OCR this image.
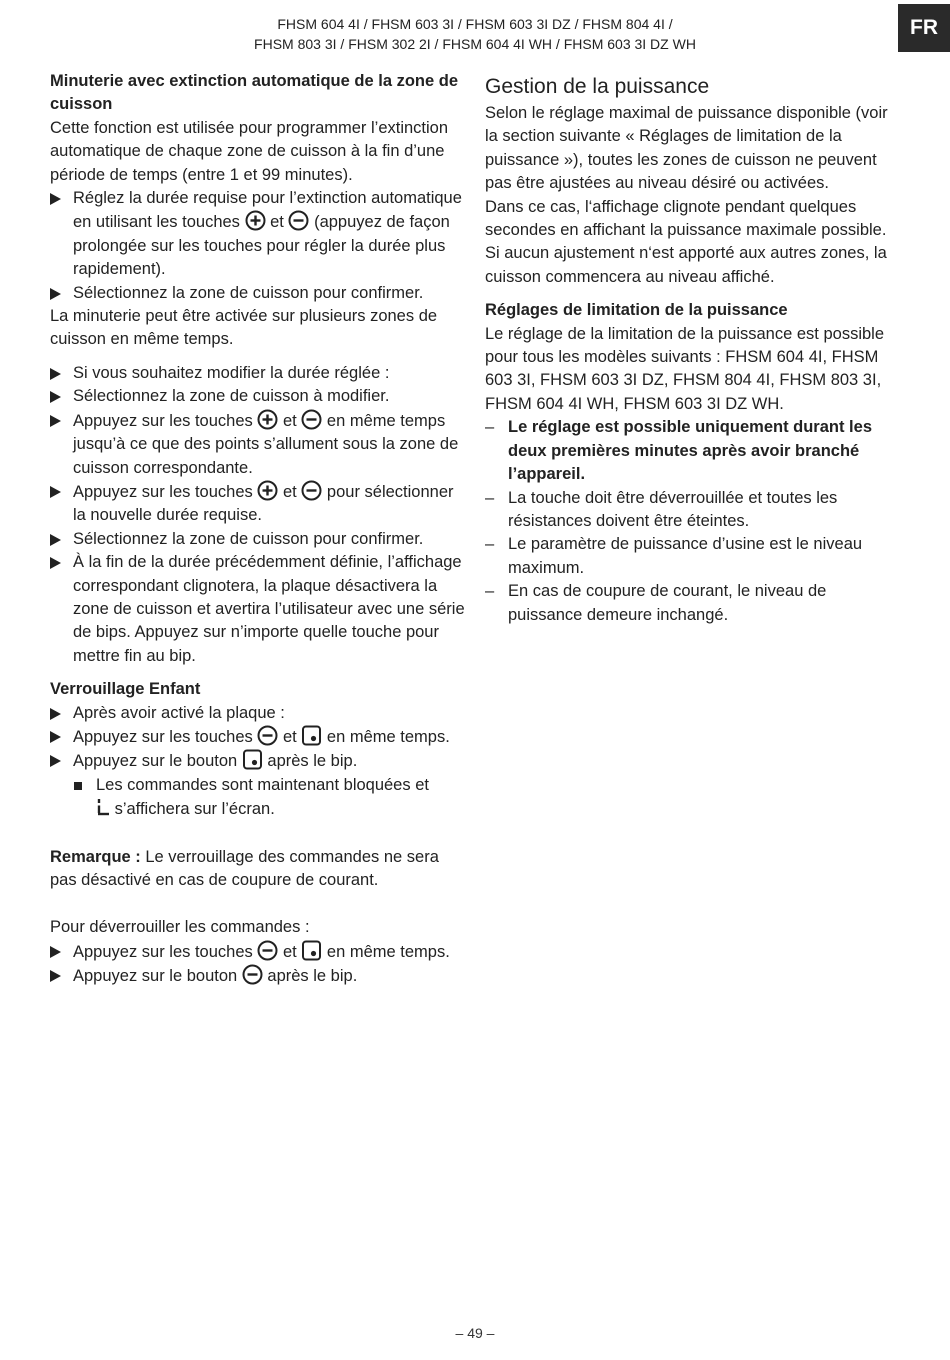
FHSM 604 4I / FHSM 603 3I / FHSM 603 3I DZ / FHSM 804 4I /
FHSM 803 3I / FHSM 302 2I / FHSM 604 4I WH / FHSM 603 3I DZ WH
FR

Minuterie avec extinction automatique de la zone de cuisson

Cette fonction est utilisée pour programmer l’extinction automatique de chaque zone de cuisson à la fin d’une période de temps (entre 1 et 99 minutes).

Réglez la durée requise pour l’extinction automatique en utilisant les touches et (appuyez de façon prolongée sur les touches pour régler la durée plus rapidement).
Sélectionnez la zone de cuisson pour confirmer.

La minuterie peut être activée sur plusieurs zones de cuisson en même temps.

Si vous souhaitez modifier la durée réglée :
Sélectionnez la zone de cuisson à modifier.
Appuyez sur les touches et en même temps jusqu’à ce que des points s’allument sous la zone de cuisson correspondante.
Appuyez sur les touches et pour sélectionner la nouvelle durée requise.
Sélectionnez la zone de cuisson pour confirmer.
À la fin de la durée précédemment définie, l’affichage correspondant clignotera, la plaque désactivera la zone de cuisson et avertira l’utilisateur avec une série de bips. Appuyez sur n’importe quelle touche pour mettre fin au bip.

Verrouillage Enfant

Après avoir activé la plaque :
Appuyez sur les touches et en même temps.
Appuyez sur le bouton après le bip.
Les commandes sont maintenant bloquées et

s’affichera sur l’écran.

Remarque : Le verrouillage des commandes ne sera pas désactivé en cas de coupure de courant.

Pour déverrouiller les commandes :

Appuyez sur les touches et en même temps.
Appuyez sur le bouton après le bip.

Gestion de la puissance

Selon le réglage maximal de puissance disponible (voir la section suivante « Réglages de limitation de la puissance »), toutes les zones de cuisson ne peuvent pas être ajustées au niveau désiré ou activées.

Dans ce cas, l‘affichage clignote pendant quelques secondes en affichant la puissance maximale possible.

Si aucun ajustement n‘est apporté aux autres zones, la cuisson commencera au niveau affiché.

Réglages de limitation de la puissance

Le réglage de la limitation de la puissance est possible pour tous les modèles suivants : FHSM 604 4I, FHSM 603 3I, FHSM 603 3I DZ, FHSM 804 4I, FHSM 803 3I, FHSM 604 4I WH, FHSM 603 3I DZ WH.

– Le réglage est possible uniquement durant les deux premières minutes après avoir branché l’appareil.
– La touche doit être déverrouillée et toutes les résistances doivent être éteintes.
– Le paramètre de puissance d’usine est le niveau maximum.
– En cas de coupure de courant, le niveau de puissance demeure inchangé.
– 49 –
